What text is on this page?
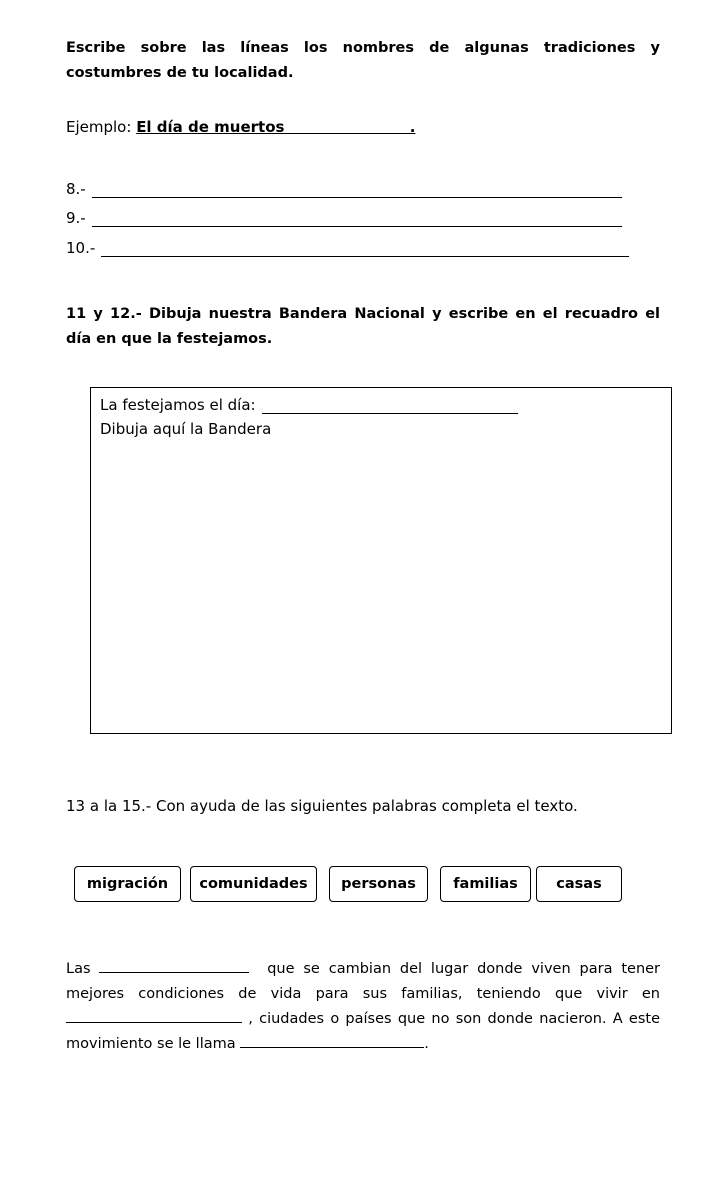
Escribe sobre las líneas los nombres de algunas tradiciones y costumbres de tu localidad.
Ejemplo: El día de muertos                        .
8.-
9.-
10.-
11 y 12.- Dibuja nuestra Bandera Nacional y escribe en el recuadro el día en que la festejamos.
La festejamos el día:
Dibuja aquí la Bandera
13 a la 15.- Con ayuda de las siguientes palabras completa el texto.
migración	comunidades	personas	familias	casas
Las	que se cambian del lugar donde viven para tener mejores condiciones de vida para sus familias, teniendo que vivir en  , ciudades o países que no son donde nacieron. A este movimiento se le llama	.
